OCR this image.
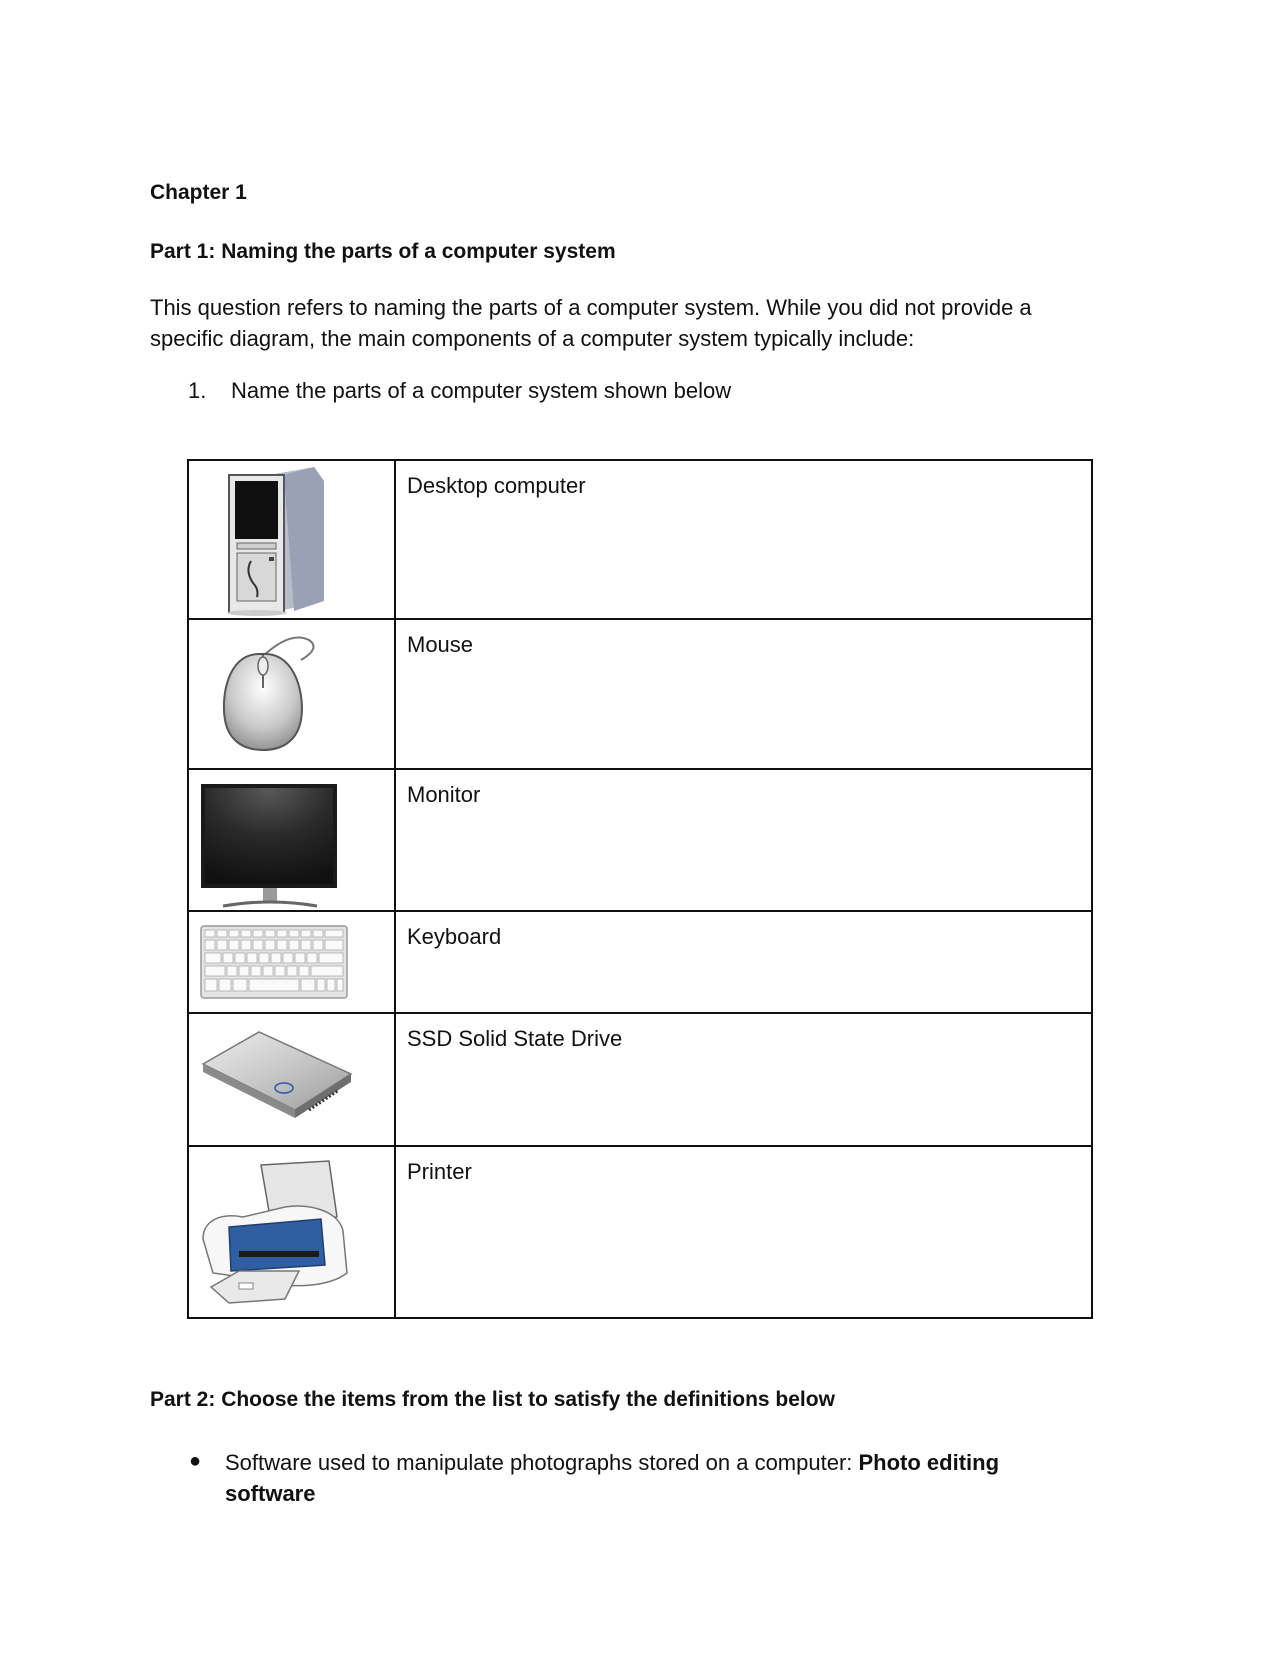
Chapter 1
Part 1: Naming the parts of a computer system
This question refers to naming the parts of a computer system. While you did not provide a specific diagram, the main components of a computer system typically include:
1. Name the parts of a computer system shown below
	Desktop computer

	Mouse

	Monitor

	Keyboard

	SSD Solid State Drive

	Printer
Part 2: Choose the items from the list to satisfy the definitions below
● Software used to manipulate photographs stored on a computer: Photo editing software
